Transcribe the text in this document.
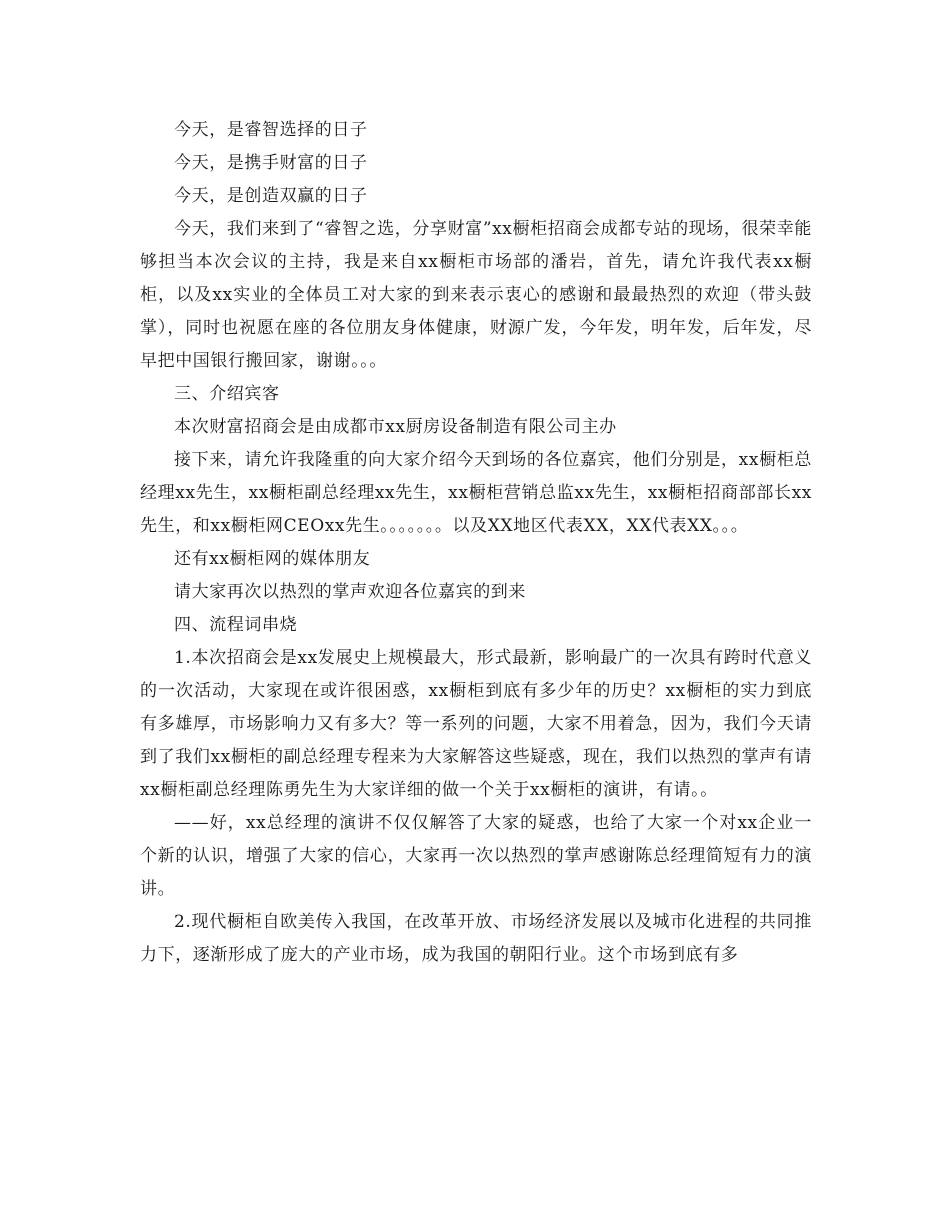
今天，是睿智选择的日子

今天，是携手财富的日子

今天，是创造双赢的日子

今天，我们来到了“睿智之选，分享财富”xx橱柜招商会成都专站的现场，很荣幸能够担当本次会议的主持，我是来自xx橱柜市场部的潘岩，首先，请允许我代表xx橱柜，以及xx实业的全体员工对大家的到来表示衷心的感谢和最最热烈的欢迎（带头鼓掌），同时也祝愿在座的各位朋友身体健康，财源广发，今年发，明年发，后年发，尽早把中国银行搬回家，谢谢。。。

三、介绍宾客

本次财富招商会是由成都市xx厨房设备制造有限公司主办

接下来，请允许我隆重的向大家介绍今天到场的各位嘉宾，他们分别是，xx橱柜总经理xx先生，xx橱柜副总经理xx先生，xx橱柜营销总监xx先生，xx橱柜招商部部长xx先生，和xx橱柜网CEOxx先生。。。。。。。以及XX地区代表XX，XX代表XX。。。

还有xx橱柜网的媒体朋友

请大家再次以热烈的掌声欢迎各位嘉宾的到来

四、流程词串烧

1.本次招商会是xx发展史上规模最大，形式最新，影响最广的一次具有跨时代意义的一次活动，大家现在或许很困惑，xx橱柜到底有多少年的历史？xx橱柜的实力到底有多雄厚，市场影响力又有多大？等一系列的问题，大家不用着急，因为，我们今天请到了我们xx橱柜的副总经理专程来为大家解答这些疑惑，现在，我们以热烈的掌声有请xx橱柜副总经理陈勇先生为大家详细的做一个关于xx橱柜的演讲，有请。。

——好，xx总经理的演讲不仅仅解答了大家的疑惑，也给了大家一个对xx企业一个新的认识，增强了大家的信心，大家再一次以热烈的掌声感谢陈总经理简短有力的演讲。

2.现代橱柜自欧美传入我国，在改革开放、市场经济发展以及城市化进程的共同推力下，逐渐形成了庞大的产业市场，成为我国的朝阳行业。这个市场到底有多
